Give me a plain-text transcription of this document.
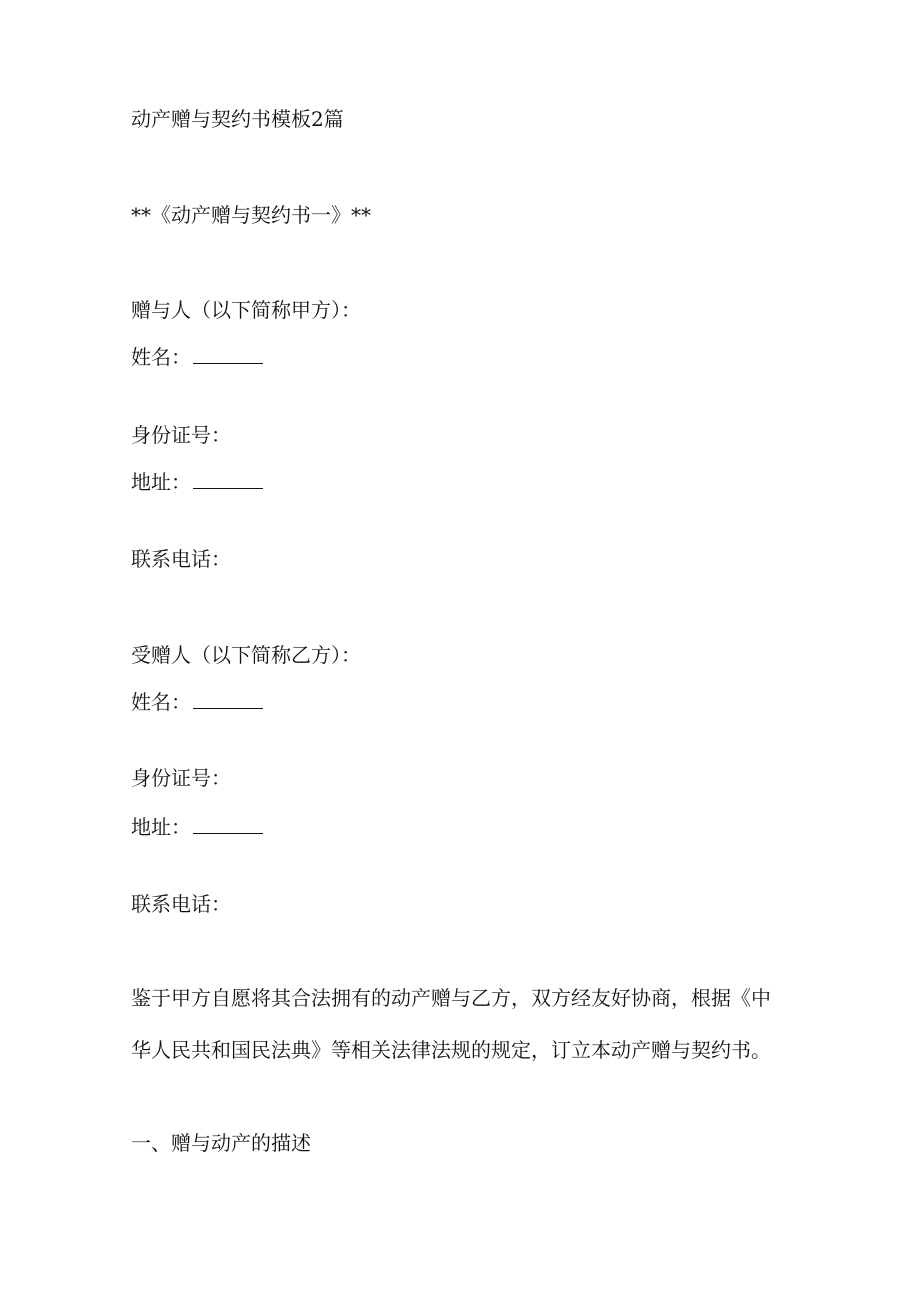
动产赠与契约书模板2篇
**《动产赠与契约书一》**
赠与人（以下简称甲方）：
姓名：
身份证号：
地址：
联系电话：
受赠人（以下简称乙方）：
姓名：
身份证号：
地址：
联系电话：
鉴于甲方自愿将其合法拥有的动产赠与乙方，双方经友好协商，根据《中
华人民共和国民法典》等相关法律法规的规定，订立本动产赠与契约书。
一、赠与动产的描述
